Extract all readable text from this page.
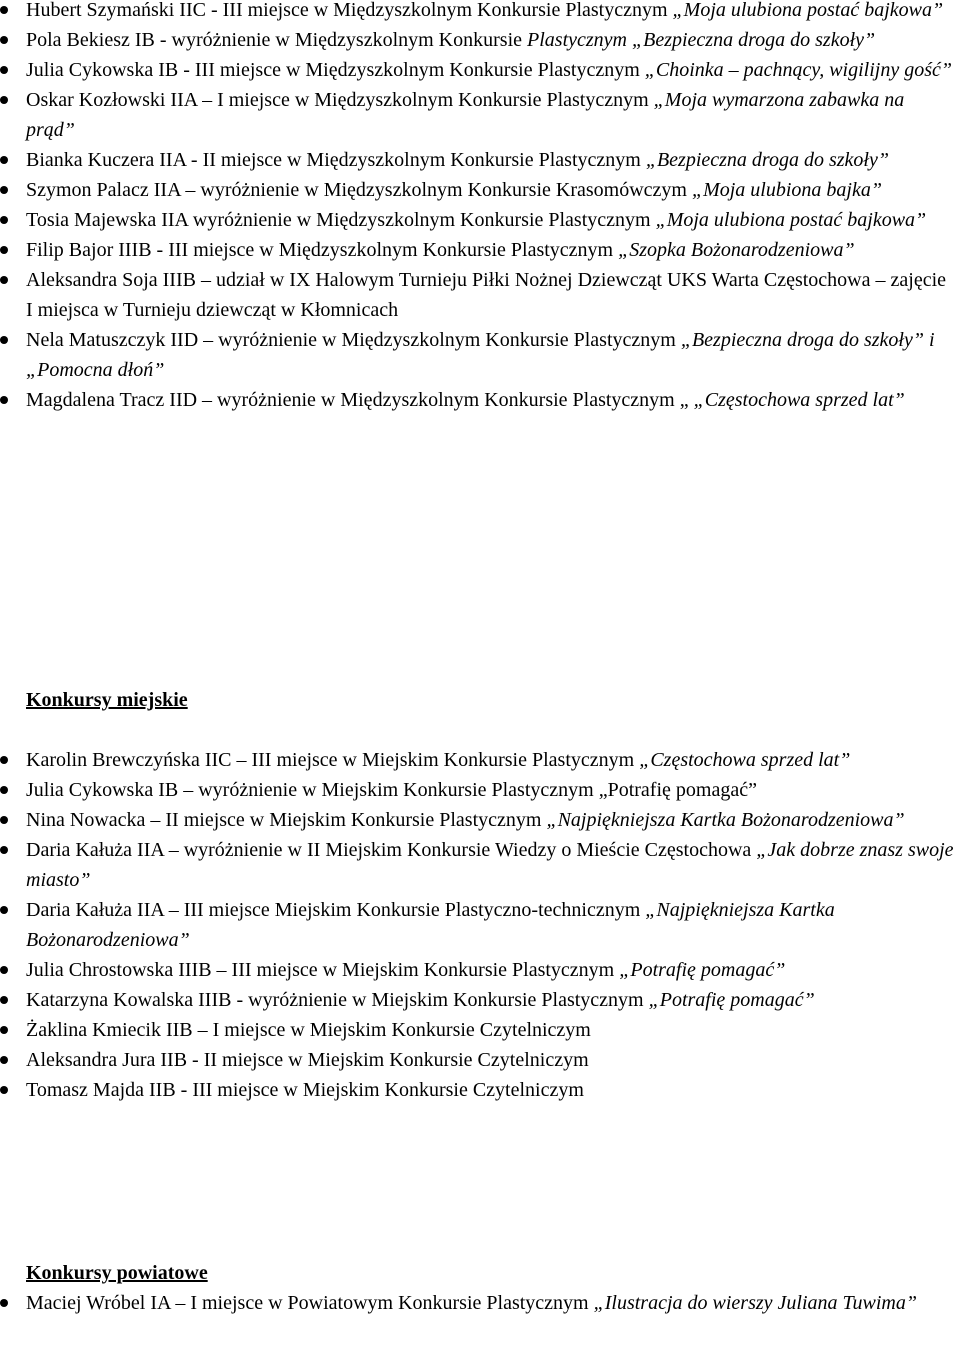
Hubert Szymański IIC - III miejsce w Międzyszkolnym Konkursie Plastycznym „Moja ulubiona postać bajkowa”
Pola Bekiesz IB - wyróżnienie w Międzyszkolnym Konkursie Plastycznym „Bezpieczna droga do szkoły”
Julia Cykowska IB - III miejsce w Międzyszkolnym Konkursie Plastycznym „Choinka – pachnący, wigilijny gość”
Oskar Kozłowski IIA – I miejsce w Międzyszkolnym Konkursie Plastycznym „Moja wymarzona zabawka na prąd”
Bianka Kuczera IIA - II miejsce w Międzyszkolnym Konkursie Plastycznym „Bezpieczna droga do szkoły”
Szymon Palacz IIA – wyróżnienie w Międzyszkolnym Konkursie Krasomówczym „Moja ulubiona bajka”
Tosia Majewska IIA wyróżnienie w Międzyszkolnym Konkursie Plastycznym „Moja ulubiona postać bajkowa”
Filip Bajor IIIB - III miejsce w Międzyszkolnym Konkursie Plastycznym „Szopka Bożonarodzeniowa”
Aleksandra Soja IIIB – udział w IX Halowym Turnieju Piłki Nożnej Dziewcząt UKS Warta Częstochowa – zajęcie I miejsca w Turnieju dziewcząt w Kłomnicach
Nela Matuszczyk IID – wyróżnienie w Międzyszkolnym Konkursie Plastycznym „Bezpieczna droga do szkoły” i „Pomocna dłoń”
Magdalena Tracz IID – wyróżnienie w Międzyszkolnym Konkursie Plastycznym „ „Częstochowa sprzed lat”
Konkursy miejskie
Karolin Brewczyńska IIC – III miejsce w Miejskim Konkursie Plastycznym „Częstochowa sprzed lat”
Julia Cykowska IB – wyróżnienie w Miejskim Konkursie Plastycznym „Potrafię pomagać”
Nina Nowacka – II miejsce w Miejskim Konkursie Plastycznym „Najpiękniejsza Kartka Bożonarodzeniowa”
Daria Kałuża IIA – wyróżnienie w II Miejskim Konkursie Wiedzy o Mieście Częstochowa „Jak dobrze znasz swoje miasto”
Daria Kałuża IIA – III miejsce Miejskim Konkursie Plastyczno-technicznym „Najpiękniejsza Kartka Bożonarodzeniowa”
Julia Chrostowska IIIB – III miejsce w Miejskim Konkursie Plastycznym „Potrafię pomagać”
Katarzyna Kowalska IIIB - wyróżnienie w Miejskim Konkursie Plastycznym „Potrafię pomagać”
Żaklina Kmiecik IIB – I miejsce w Miejskim Konkursie Czytelniczym
Aleksandra Jura IIB - II miejsce w Miejskim Konkursie Czytelniczym
Tomasz Majda IIB - III miejsce w Miejskim Konkursie Czytelniczym
Konkursy powiatowe
Maciej Wróbel IA – I miejsce w Powiatowym Konkursie Plastycznym „Ilustracja do wierszy Juliana Tuwima”
